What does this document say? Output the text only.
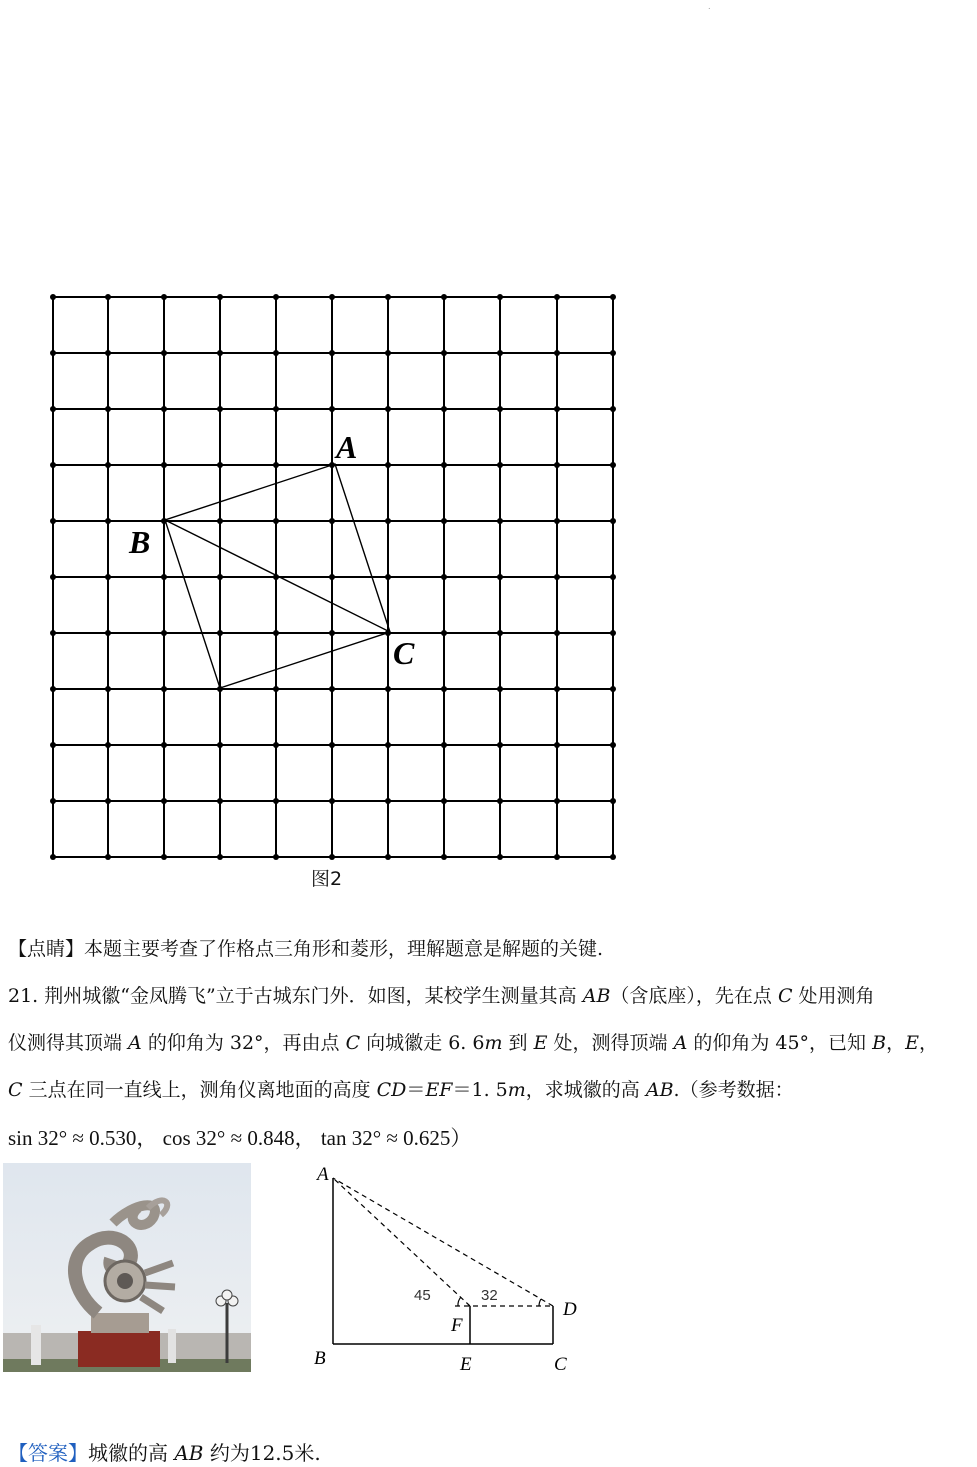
.
A
B
C
图2
【点睛】本题主要考查了作格点三角形和菱形，理解题意是解题的关键.
21. 荆州城徽“金凤腾飞”立于古城东门外．如图，某校学生测量其高 AB（含底座），先在点 C 处用测角
仪测得其顶端 A 的仰角为 32°，再由点 C 向城徽走 6. 6m 到 E 处，测得顶端 A 的仰角为 45°，已知 B，E，
C 三点在同一直线上，测角仪离地面的高度 CD＝EF＝1. 5m，求城徽的高 AB.（参考数据：
sin 32° ≈ 0.530， cos 32° ≈ 0.848， tan 32° ≈ 0.625）
A
B	E	C
D
F
45	32
【答案】城徽的高 AB 约为12.5米.
